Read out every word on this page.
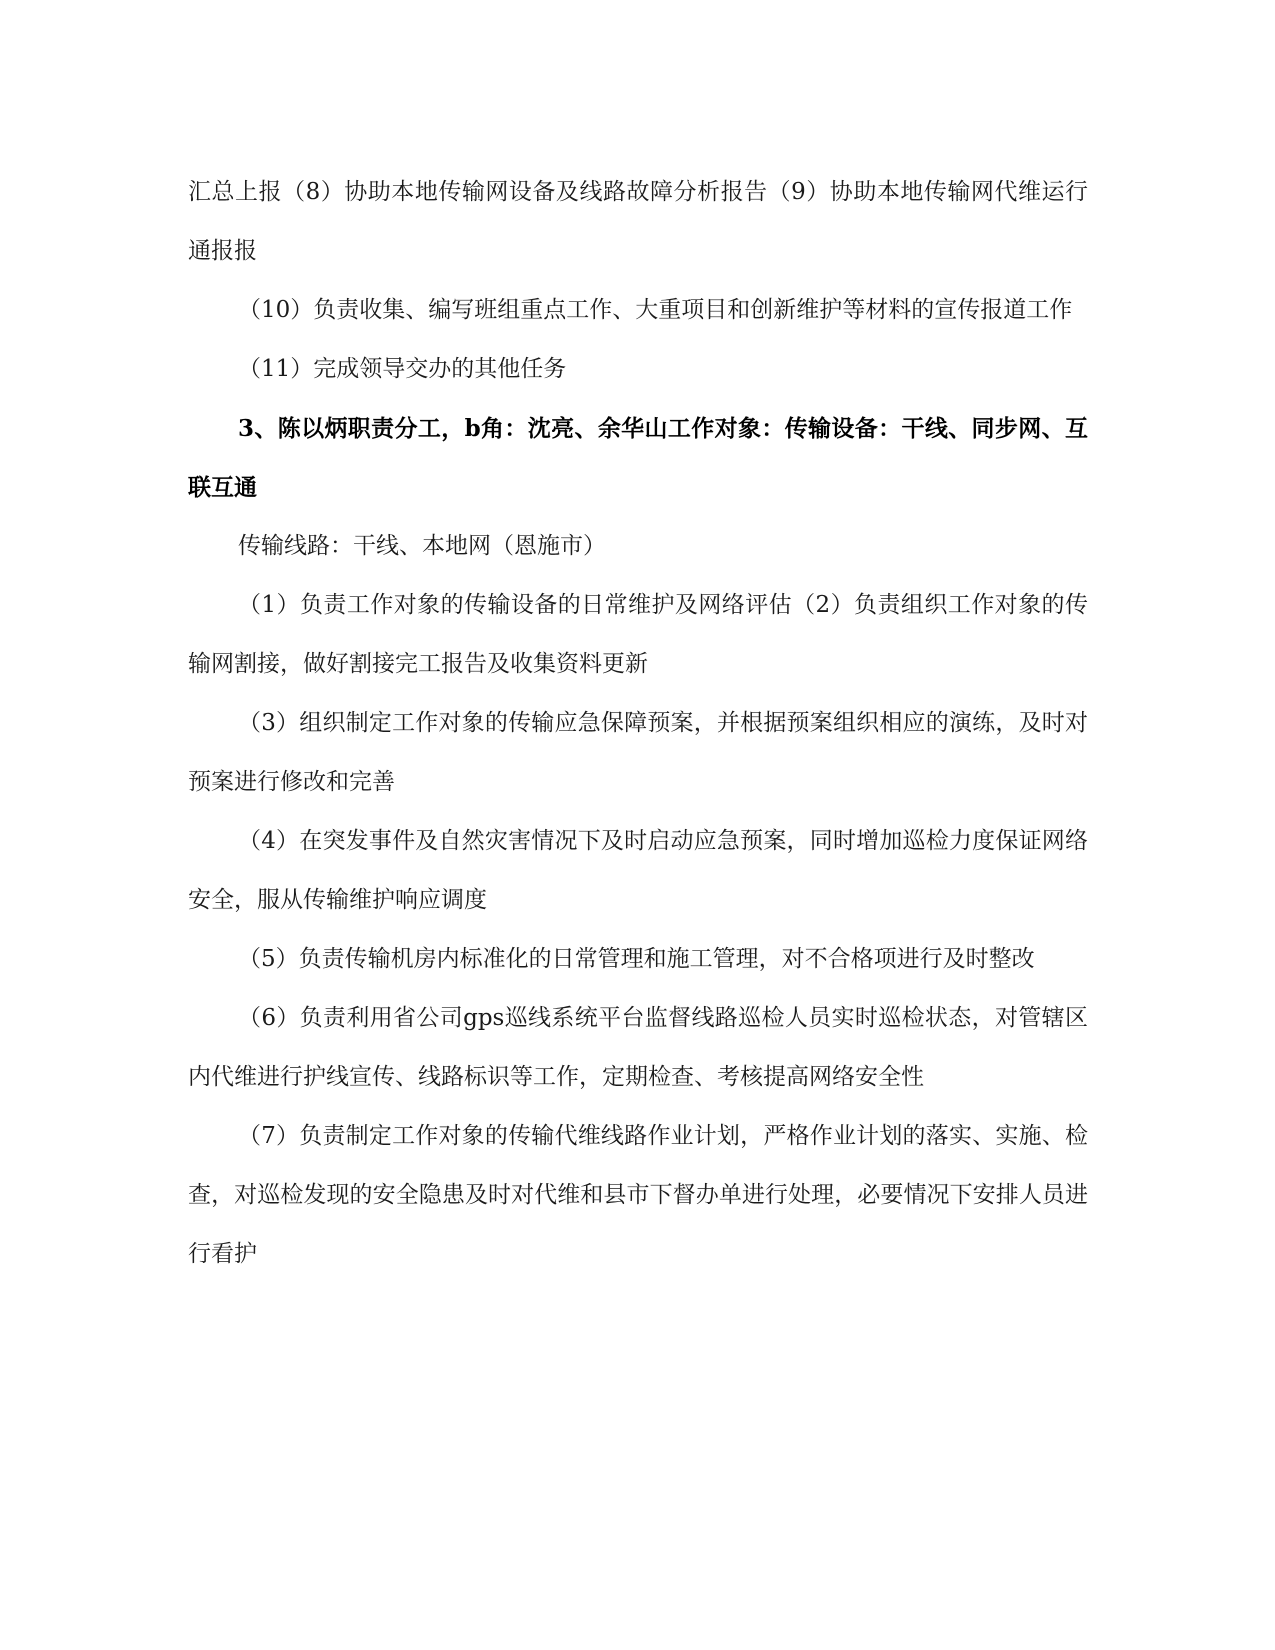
汇总上报（8）协助本地传输网设备及线路故障分析报告（9）协助本地传输网代维运行通报报

（10）负责收集、编写班组重点工作、大重项目和创新维护等材料的宣传报道工作

（11）完成领导交办的其他任务

3、陈以炳职责分工，b角：沈亮、余华山工作对象：传输设备：干线、同步网、互联互通

传输线路：干线、本地网（恩施市）

（1）负责工作对象的传输设备的日常维护及网络评估（2）负责组织工作对象的传输网割接，做好割接完工报告及收集资料更新

（3）组织制定工作对象的传输应急保障预案，并根据预案组织相应的演练，及时对预案进行修改和完善

（4）在突发事件及自然灾害情况下及时启动应急预案，同时增加巡检力度保证网络安全，服从传输维护响应调度

（5）负责传输机房内标准化的日常管理和施工管理，对不合格项进行及时整改

（6）负责利用省公司gps巡线系统平台监督线路巡检人员实时巡检状态，对管辖区内代维进行护线宣传、线路标识等工作，定期检查、考核提高网络安全性

（7）负责制定工作对象的传输代维线路作业计划，严格作业计划的落实、实施、检查，对巡检发现的安全隐患及时对代维和县市下督办单进行处理，必要情况下安排人员进行看护
